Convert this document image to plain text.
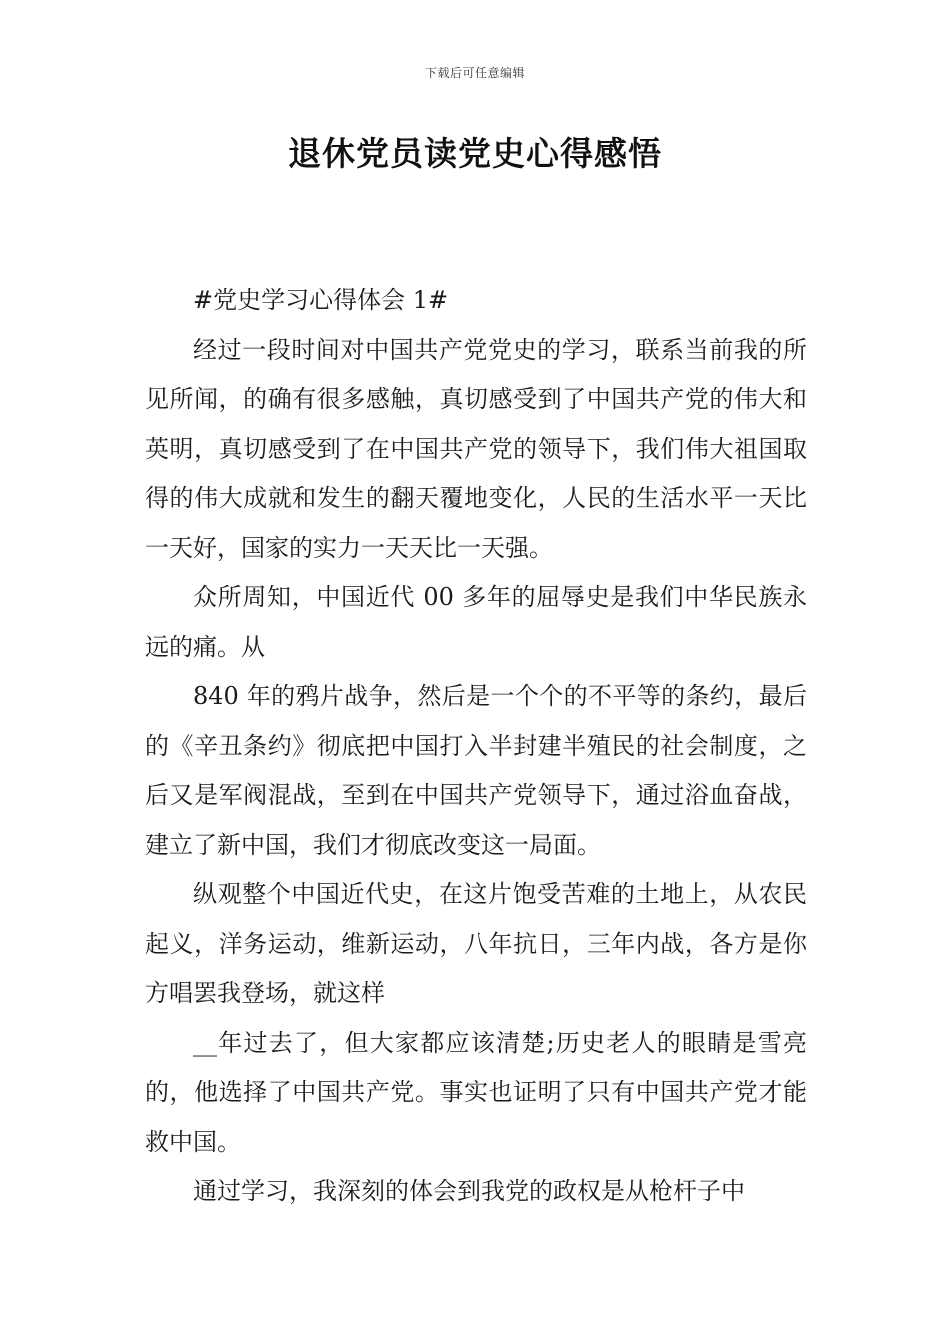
下载后可任意编辑
退休党员读党史心得感悟

#党史学习心得体会 1#

经过一段时间对中国共产党党史的学习，联系当前我的所见所闻，的确有很多感触，真切感受到了中国共产党的伟大和英明，真切感受到了在中国共产党的领导下，我们伟大祖国取得的伟大成就和发生的翻天覆地变化，人民的生活水平一天比一天好，国家的实力一天天比一天强。

众所周知，中国近代 00 多年的屈辱史是我们中华民族永远的痛。从

840 年的鸦片战争，然后是一个个的不平等的条约，最后的《辛丑条约》彻底把中国打入半封建半殖民的社会制度，之后又是军阀混战，至到在中国共产党领导下，通过浴血奋战，建立了新中国，我们才彻底改变这一局面。

纵观整个中国近代史，在这片饱受苦难的土地上，从农民起义，洋务运动，维新运动，八年抗日，三年内战，各方是你方唱罢我登场，就这样

__年过去了，但大家都应该清楚;历史老人的眼睛是雪亮的，他选择了中国共产党。事实也证明了只有中国共产党才能救中国。

通过学习，我深刻的体会到我党的政权是从枪杆子中
